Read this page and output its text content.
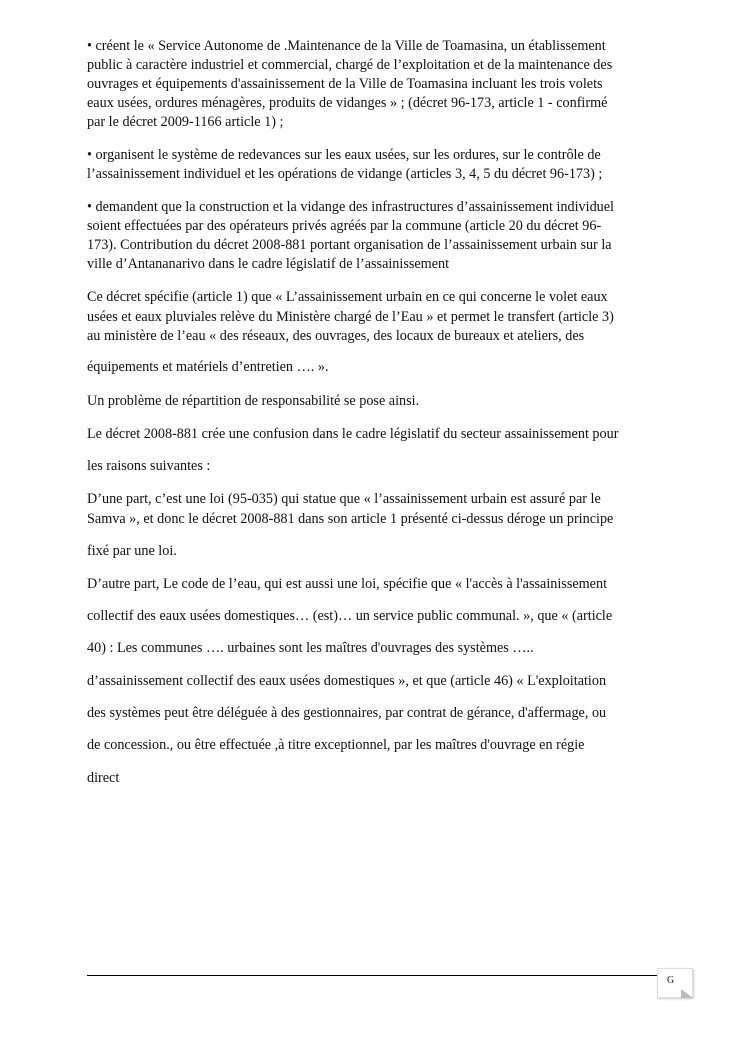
• créent le « Service Autonome de .Maintenance de la Ville de Toamasina, un établissement
public à caractère industriel et commercial, chargé de l’exploitation et de la maintenance des
ouvrages et équipements d'assainissement de la Ville de Toamasina incluant les trois volets
eaux usées, ordures ménagères, produits de vidanges » ; (décret 96-173, article 1 - confirmé
par le décret 2009-1166 article 1) ;
• organisent le système de redevances sur les eaux usées, sur les ordures, sur le contrôle de
l’assainissement individuel et les opérations de vidange (articles 3, 4, 5 du décret 96-173) ;
• demandent que la construction et la vidange des infrastructures d’assainissement individuel
soient effectuées par des opérateurs privés agréés par la commune (article 20 du décret 96-
173). Contribution du décret 2008-881 portant organisation de l’assainissement urbain sur la
ville d’Antananarivo dans le cadre législatif de l’assainissement
Ce décret spécifie (article 1) que « L’assainissement urbain en ce qui concerne le volet eaux
usées et eaux pluviales relève du Ministère chargé de l’Eau » et permet le transfert (article 3)
au ministère de l’eau « des réseaux, des ouvrages, des locaux de bureaux et ateliers, des
équipements et matériels d’entretien …. ».
Un problème de répartition de responsabilité se pose ainsi.
Le décret 2008-881 crée une confusion dans le cadre législatif du secteur assainissement pour
les raisons suivantes :
D’une part, c’est une loi (95-035) qui statue que « l’assainissement urbain est assuré par le
Samva », et donc le décret 2008-881 dans son article 1 présenté ci-dessus déroge un principe
fixé par une loi.
D’autre part, Le code de l’eau, qui est aussi une loi, spécifie que « l'accès à l'assainissement
collectif des eaux usées domestiques… (est)… un service public communal. », que « (article
40) : Les communes …. urbaines sont les maîtres d'ouvrages des systèmes …..
d’assainissement collectif des eaux usées domestiques », et que (article 46) « L'exploitation
des systèmes peut être déléguée à des gestionnaires, par contrat de gérance, d'affermage, ou
de concession., ou être effectuée ,à titre exceptionnel, par les maîtres d'ouvrage en régie
direct
G
